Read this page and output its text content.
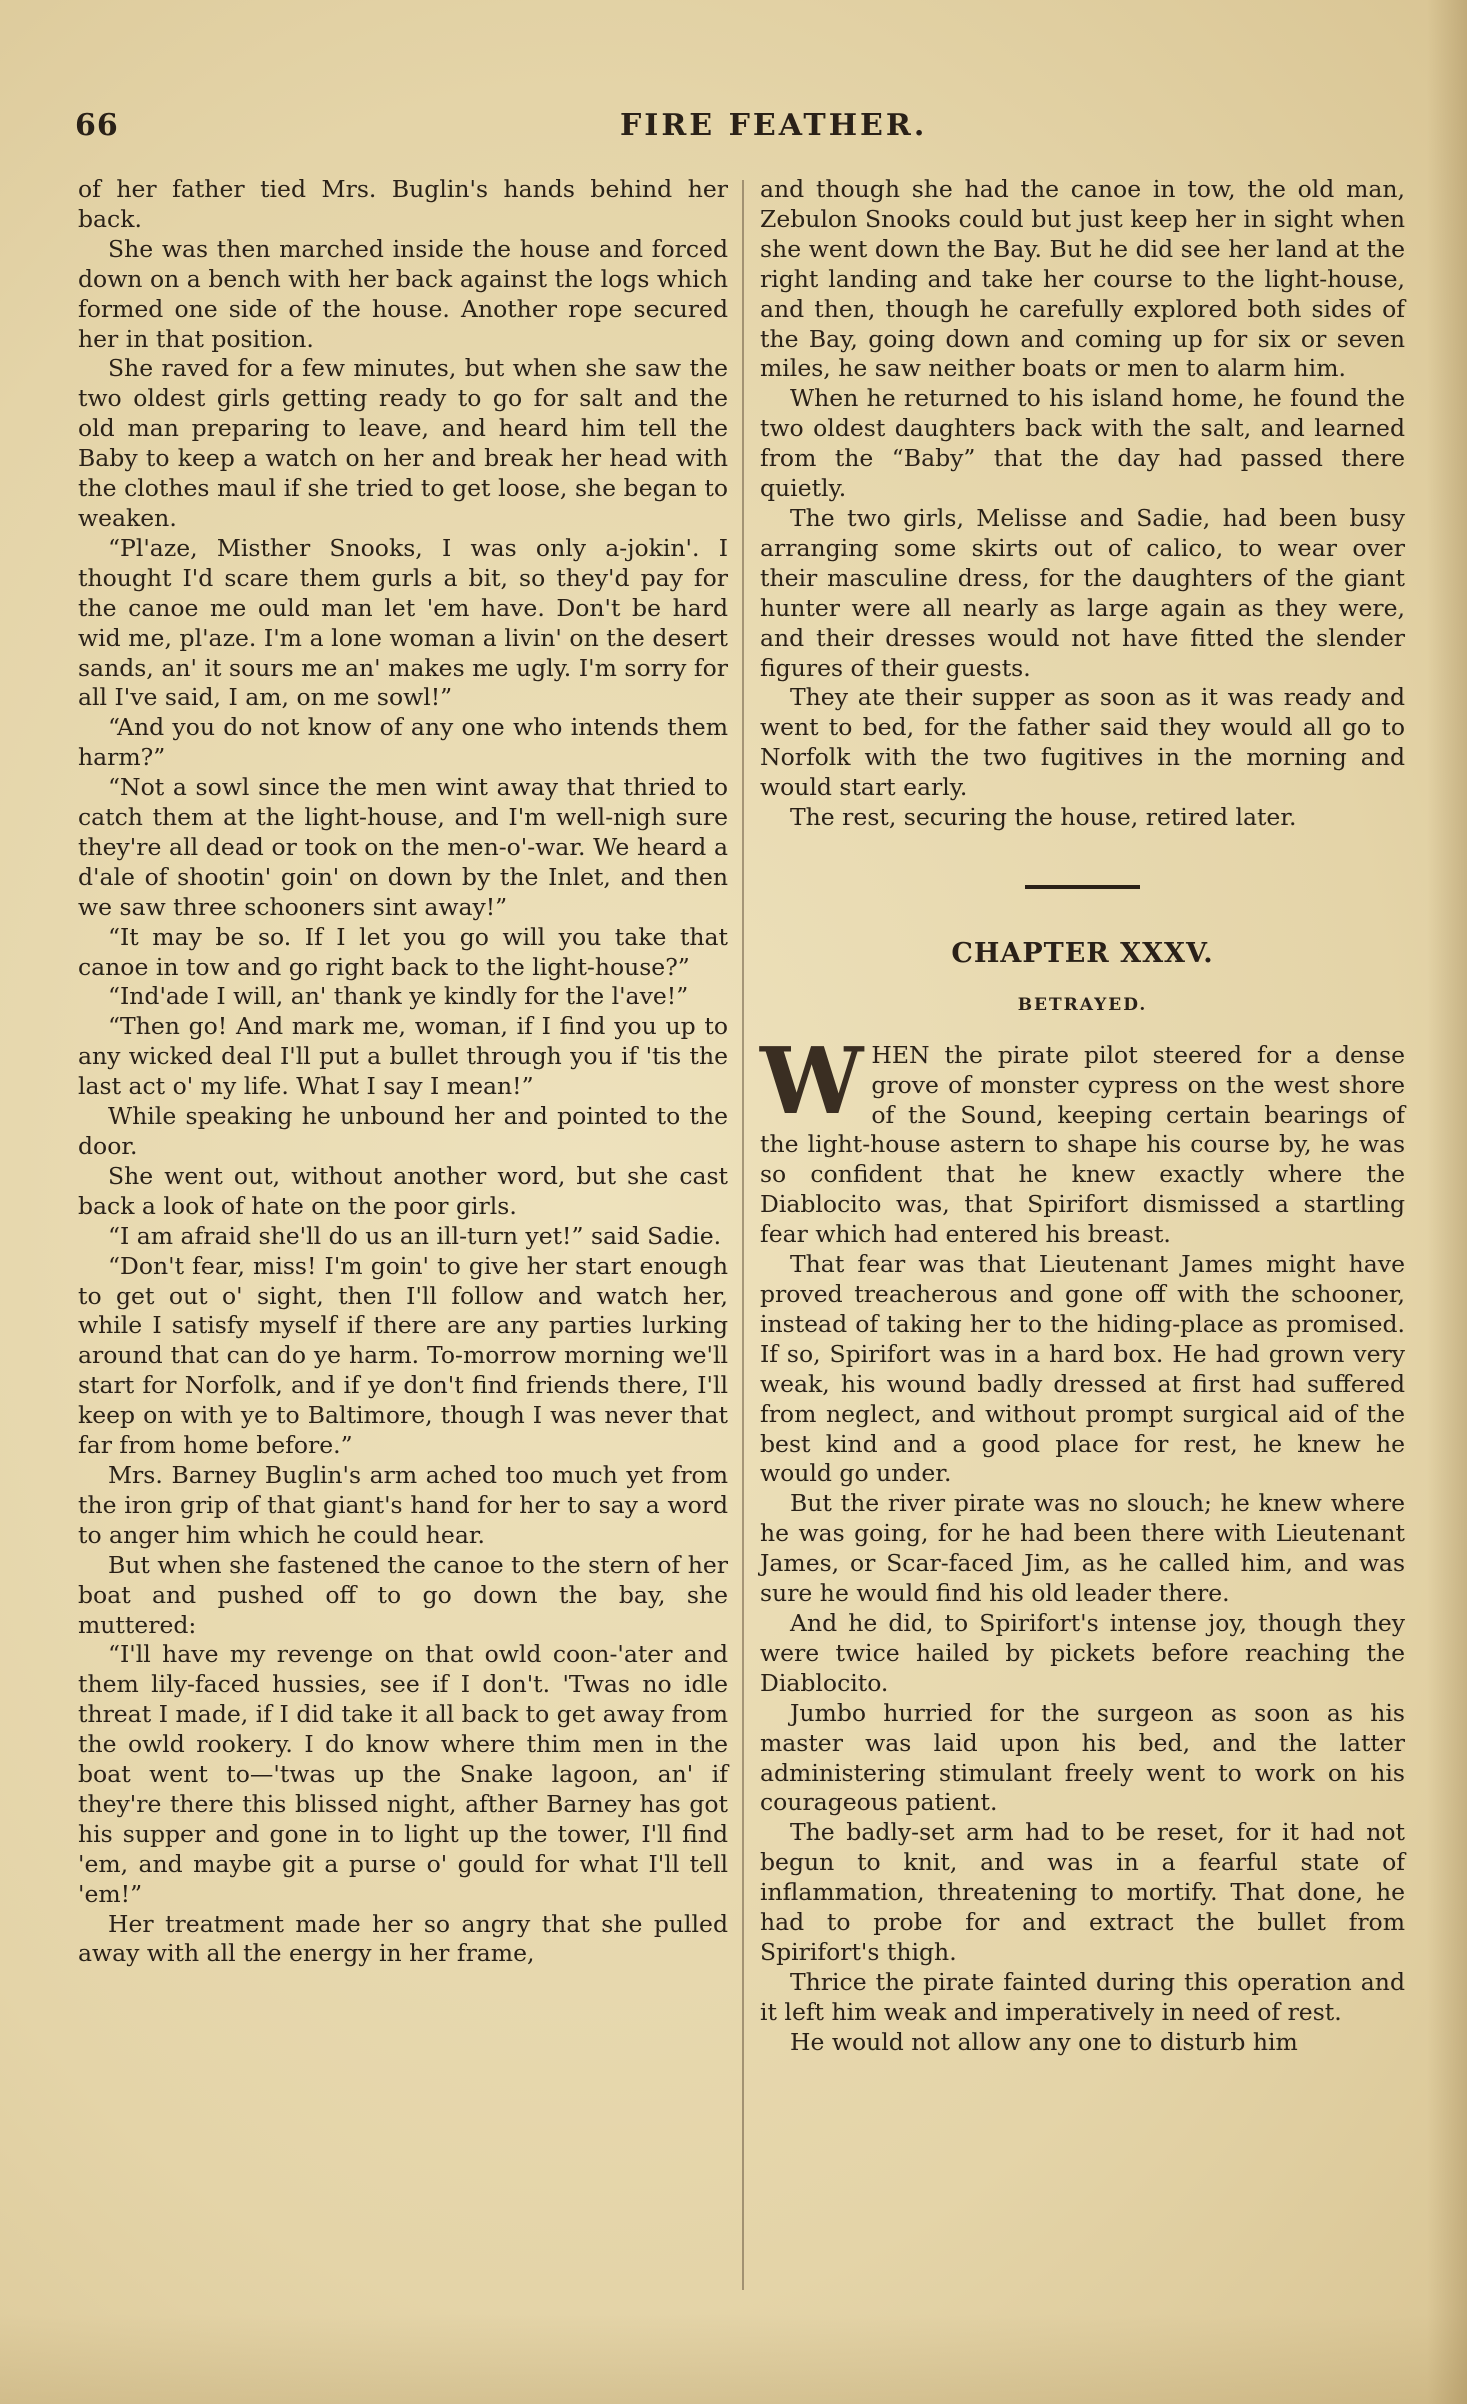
66	FIRE FEATHER.

of her father tied Mrs. Buglin's hands behind her back.

She was then marched inside the house and forced down on a bench with her back against the logs which formed one side of the house. Another rope secured her in that position.

She raved for a few minutes, but when she saw the two oldest girls getting ready to go for salt and the old man preparing to leave, and heard him tell the Baby to keep a watch on her and break her head with the clothes maul if she tried to get loose, she began to weaken.

“Pl'aze, Misther Snooks, I was only a-jokin'. I thought I'd scare them gurls a bit, so they'd pay for the canoe me ould man let 'em have. Don't be hard wid me, pl'aze. I'm a lone woman a livin' on the desert sands, an' it sours me an' makes me ugly. I'm sorry for all I've said, I am, on me sowl!”

“And you do not know of any one who intends them harm?”

“Not a sowl since the men wint away that thried to catch them at the light-house, and I'm well-nigh sure they're all dead or took on the men-o'-war. We heard a d'ale of shootin' goin' on down by the Inlet, and then we saw three schooners sint away!”

“It may be so. If I let you go will you take that canoe in tow and go right back to the light-house?”

“Ind'ade I will, an' thank ye kindly for the l'ave!”

“Then go! And mark me, woman, if I find you up to any wicked deal I'll put a bullet through you if 'tis the last act o' my life. What I say I mean!”

While speaking he unbound her and pointed to the door.

She went out, without another word, but she cast back a look of hate on the poor girls.

“I am afraid she'll do us an ill-turn yet!” said Sadie.

“Don't fear, miss! I'm goin' to give her start enough to get out o' sight, then I'll follow and watch her, while I satisfy myself if there are any parties lurking around that can do ye harm. To-morrow morning we'll start for Norfolk, and if ye don't find friends there, I'll keep on with ye to Baltimore, though I was never that far from home before.”

Mrs. Barney Buglin's arm ached too much yet from the iron grip of that giant's hand for her to say a word to anger him which he could hear.

But when she fastened the canoe to the stern of her boat and pushed off to go down the bay, she muttered:

“I'll have my revenge on that owld coon-'ater and them lily-faced hussies, see if I don't. 'Twas no idle threat I made, if I did take it all back to get away from the owld rookery. I do know where thim men in the boat went to—'twas up the Snake lagoon, an' if they're there this blissed night, afther Barney has got his supper and gone in to light up the tower, I'll find 'em, and maybe git a purse o' gould for what I'll tell 'em!”

Her treatment made her so angry that she pulled away with all the energy in her frame,

and though she had the canoe in tow, the old man, Zebulon Snooks could but just keep her in sight when she went down the Bay. But he did see her land at the right landing and take her course to the light-house, and then, though he carefully explored both sides of the Bay, going down and coming up for six or seven miles, he saw neither boats or men to alarm him.

When he returned to his island home, he found the two oldest daughters back with the salt, and learned from the “Baby” that the day had passed there quietly.

The two girls, Melisse and Sadie, had been busy arranging some skirts out of calico, to wear over their masculine dress, for the daughters of the giant hunter were all nearly as large again as they were, and their dresses would not have fitted the slender figures of their guests.

They ate their supper as soon as it was ready and went to bed, for the father said they would all go to Norfolk with the two fugitives in the morning and would start early.

The rest, securing the house, retired later.

CHAPTER XXXV.
BETRAYED.
W HEN the pirate pilot steered for a dense grove of monster cypress on the west shore of the Sound, keeping certain bearings of the light-house astern to shape his course by, he was so confident that he knew exactly where the Diablocito was, that Spirifort dismissed a startling fear which had entered his breast.

That fear was that Lieutenant James might have proved treacherous and gone off with the schooner, instead of taking her to the hiding-place as promised. If so, Spirifort was in a hard box. He had grown very weak, his wound badly dressed at first had suffered from neglect, and without prompt surgical aid of the best kind and a good place for rest, he knew he would go under.

But the river pirate was no slouch; he knew where he was going, for he had been there with Lieutenant James, or Scar-faced Jim, as he called him, and was sure he would find his old leader there.

And he did, to Spirifort's intense joy, though they were twice hailed by pickets before reaching the Diablocito.

Jumbo hurried for the surgeon as soon as his master was laid upon his bed, and the latter administering stimulant freely went to work on his courageous patient.

The badly-set arm had to be reset, for it had not begun to knit, and was in a fearful state of inflammation, threatening to mortify. That done, he had to probe for and extract the bullet from Spirifort's thigh.

Thrice the pirate fainted during this operation and it left him weak and imperatively in need of rest.

He would not allow any one to disturb him
